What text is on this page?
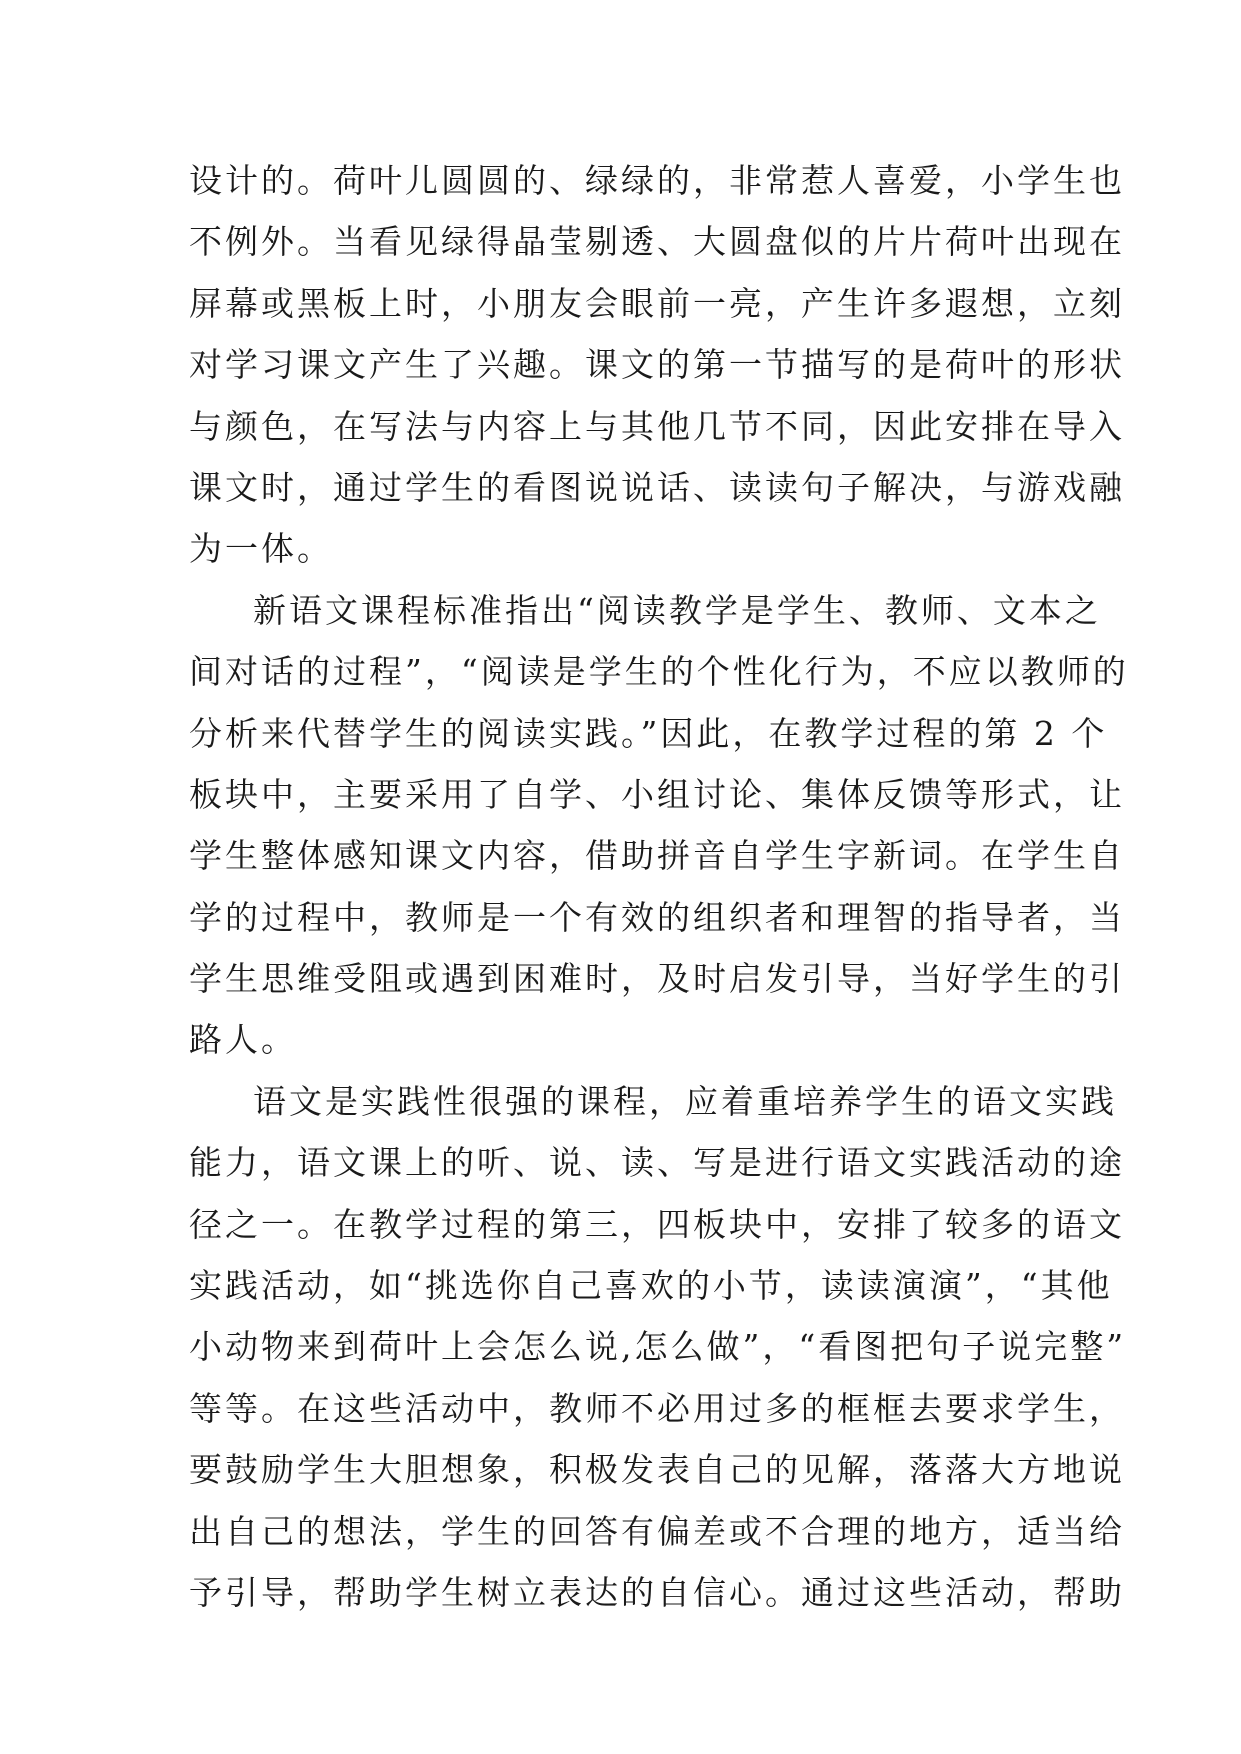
设计的。荷叶儿圆圆的、绿绿的，非常惹人喜爱，小学生也
不例外。当看见绿得晶莹剔透、大圆盘似的片片荷叶出现在
屏幕或黑板上时，小朋友会眼前一亮，产生许多遐想，立刻
对学习课文产生了兴趣。课文的第一节描写的是荷叶的形状
与颜色，在写法与内容上与其他几节不同，因此安排在导入
课文时，通过学生的看图说说话、读读句子解决，与游戏融
为一体。
新语文课程标准指出“阅读教学是学生、教师、文本之
间对话的过程”，“阅读是学生的个性化行为，不应以教师的
分析来代替学生的阅读实践。”因此，在教学过程的第 2 个
板块中，主要采用了自学、小组讨论、集体反馈等形式，让
学生整体感知课文内容，借助拼音自学生字新词。在学生自
学的过程中，教师是一个有效的组织者和理智的指导者，当
学生思维受阻或遇到困难时，及时启发引导，当好学生的引
路人。
语文是实践性很强的课程，应着重培养学生的语文实践
能力，语文课上的听、说、读、写是进行语文实践活动的途
径之一。在教学过程的第三，四板块中，安排了较多的语文
实践活动，如“挑选你自己喜欢的小节，读读演演”，“其他
小动物来到荷叶上会怎么说,怎么做”，“看图把句子说完整”
等等。在这些活动中，教师不必用过多的框框去要求学生，
要鼓励学生大胆想象，积极发表自己的见解，落落大方地说
出自己的想法，学生的回答有偏差或不合理的地方，适当给
予引导，帮助学生树立表达的自信心。通过这些活动，帮助
